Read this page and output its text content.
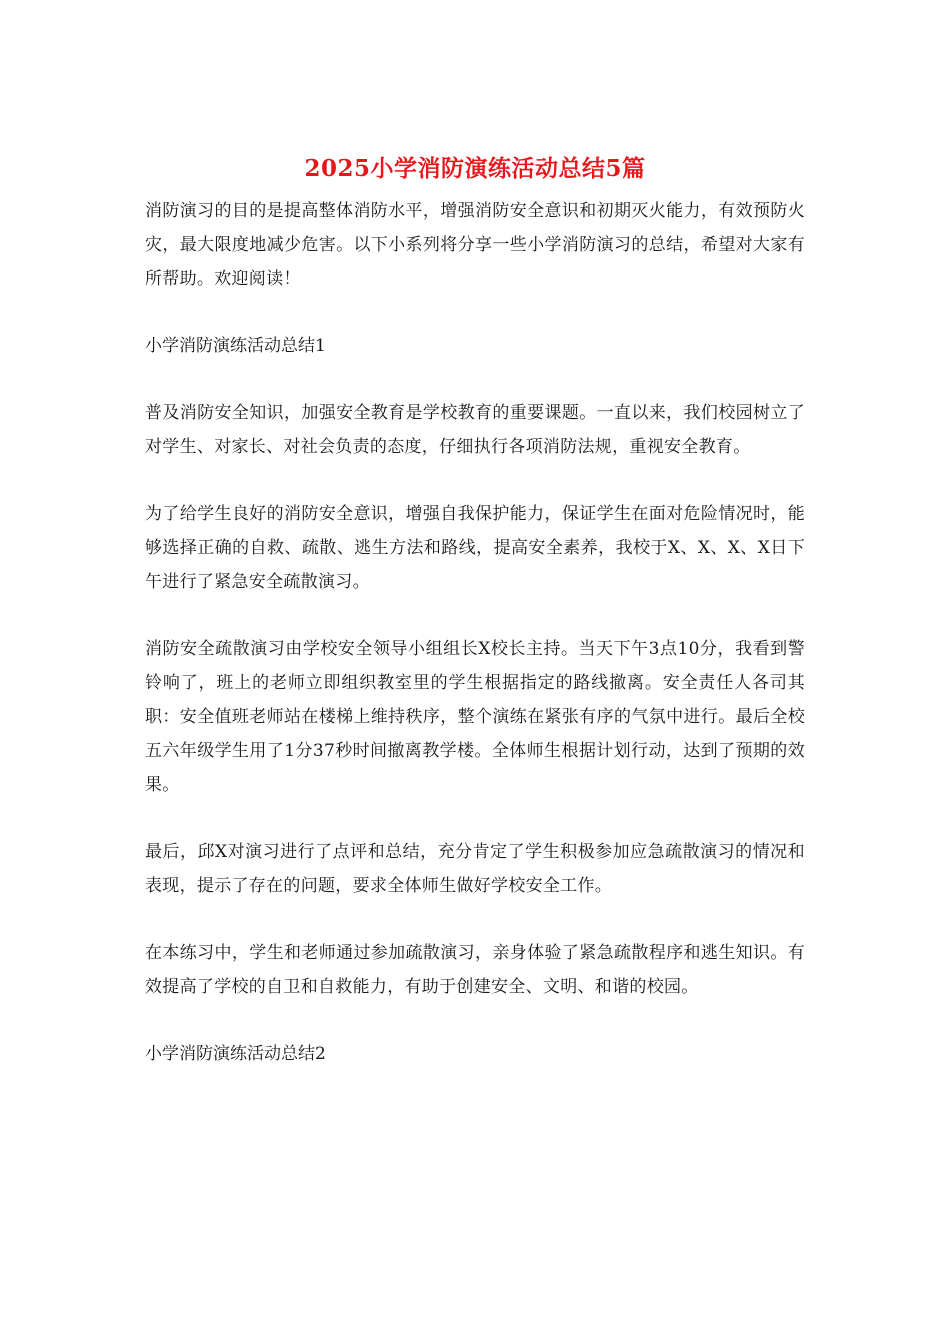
2025小学消防演练活动总结5篇

消防演习的目的是提高整体消防水平，增强消防安全意识和初期灭火能力，有效预防火灾，最大限度地减少危害。以下小系列将分享一些小学消防演习的总结，希望对大家有所帮助。欢迎阅读！

小学消防演练活动总结1

普及消防安全知识，加强安全教育是学校教育的重要课题。一直以来，我们校园树立了对学生、对家长、对社会负责的态度，仔细执行各项消防法规，重视安全教育。

为了给学生良好的消防安全意识，增强自我保护能力，保证学生在面对危险情况时，能够选择正确的自救、疏散、逃生方法和路线，提高安全素养，我校于X、X、X、X日下午进行了紧急安全疏散演习。

消防安全疏散演习由学校安全领导小组组长X校长主持。当天下午3点10分，我看到警铃响了，班上的老师立即组织教室里的学生根据指定的路线撤离。安全责任人各司其职：安全值班老师站在楼梯上维持秩序，整个演练在紧张有序的气氛中进行。最后全校五六年级学生用了1分37秒时间撤离教学楼。全体师生根据计划行动，达到了预期的效果。

最后，邱X对演习进行了点评和总结，充分肯定了学生积极参加应急疏散演习的情况和表现，提示了存在的问题，要求全体师生做好学校安全工作。

在本练习中，学生和老师通过参加疏散演习，亲身体验了紧急疏散程序和逃生知识。有效提高了学校的自卫和自救能力，有助于创建安全、文明、和谐的校园。

小学消防演练活动总结2
